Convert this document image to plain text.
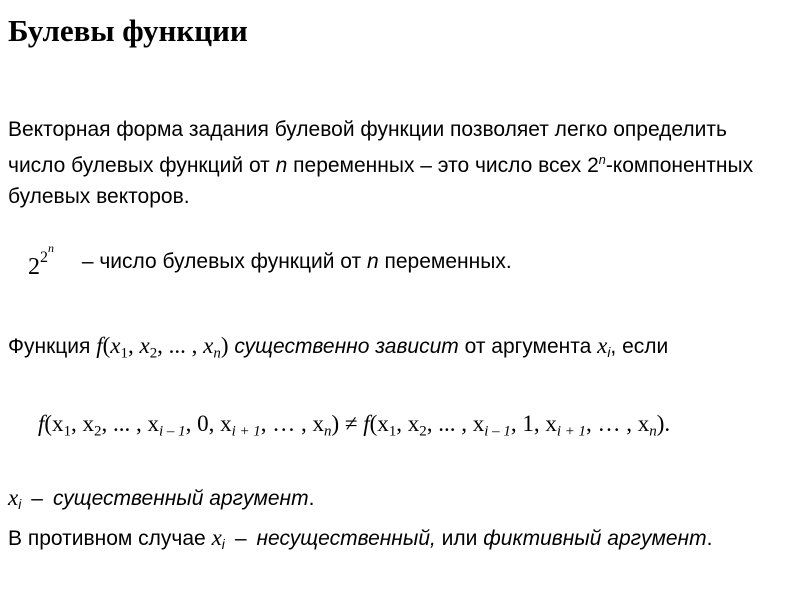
Булевы функции
Векторная форма задания булевой функции позволяет легко определить число булевых функций от n переменных – это число всех 2$^n$-компонентных булевых векторов.
$2^{2n}$ – число булевых функций от n переменных.
Функция $f(x_1$, $x_2$, ... , $x_n$) существенно зависит от аргумента $x_i$, если
$f(x_1$, $x_2$, ... , $x_{i - 1}$, 0, $x_{i + 1}$, … , $x_n) \ne f(x_1$, $x_2$, ... , $x_{i - 1}$, 1, $x_{i + 1}$, … , $x_n$).
$x_i$ – существенный аргумент.
В противном случае $x_i$ – несущественный, или фиктивный аргумент.
